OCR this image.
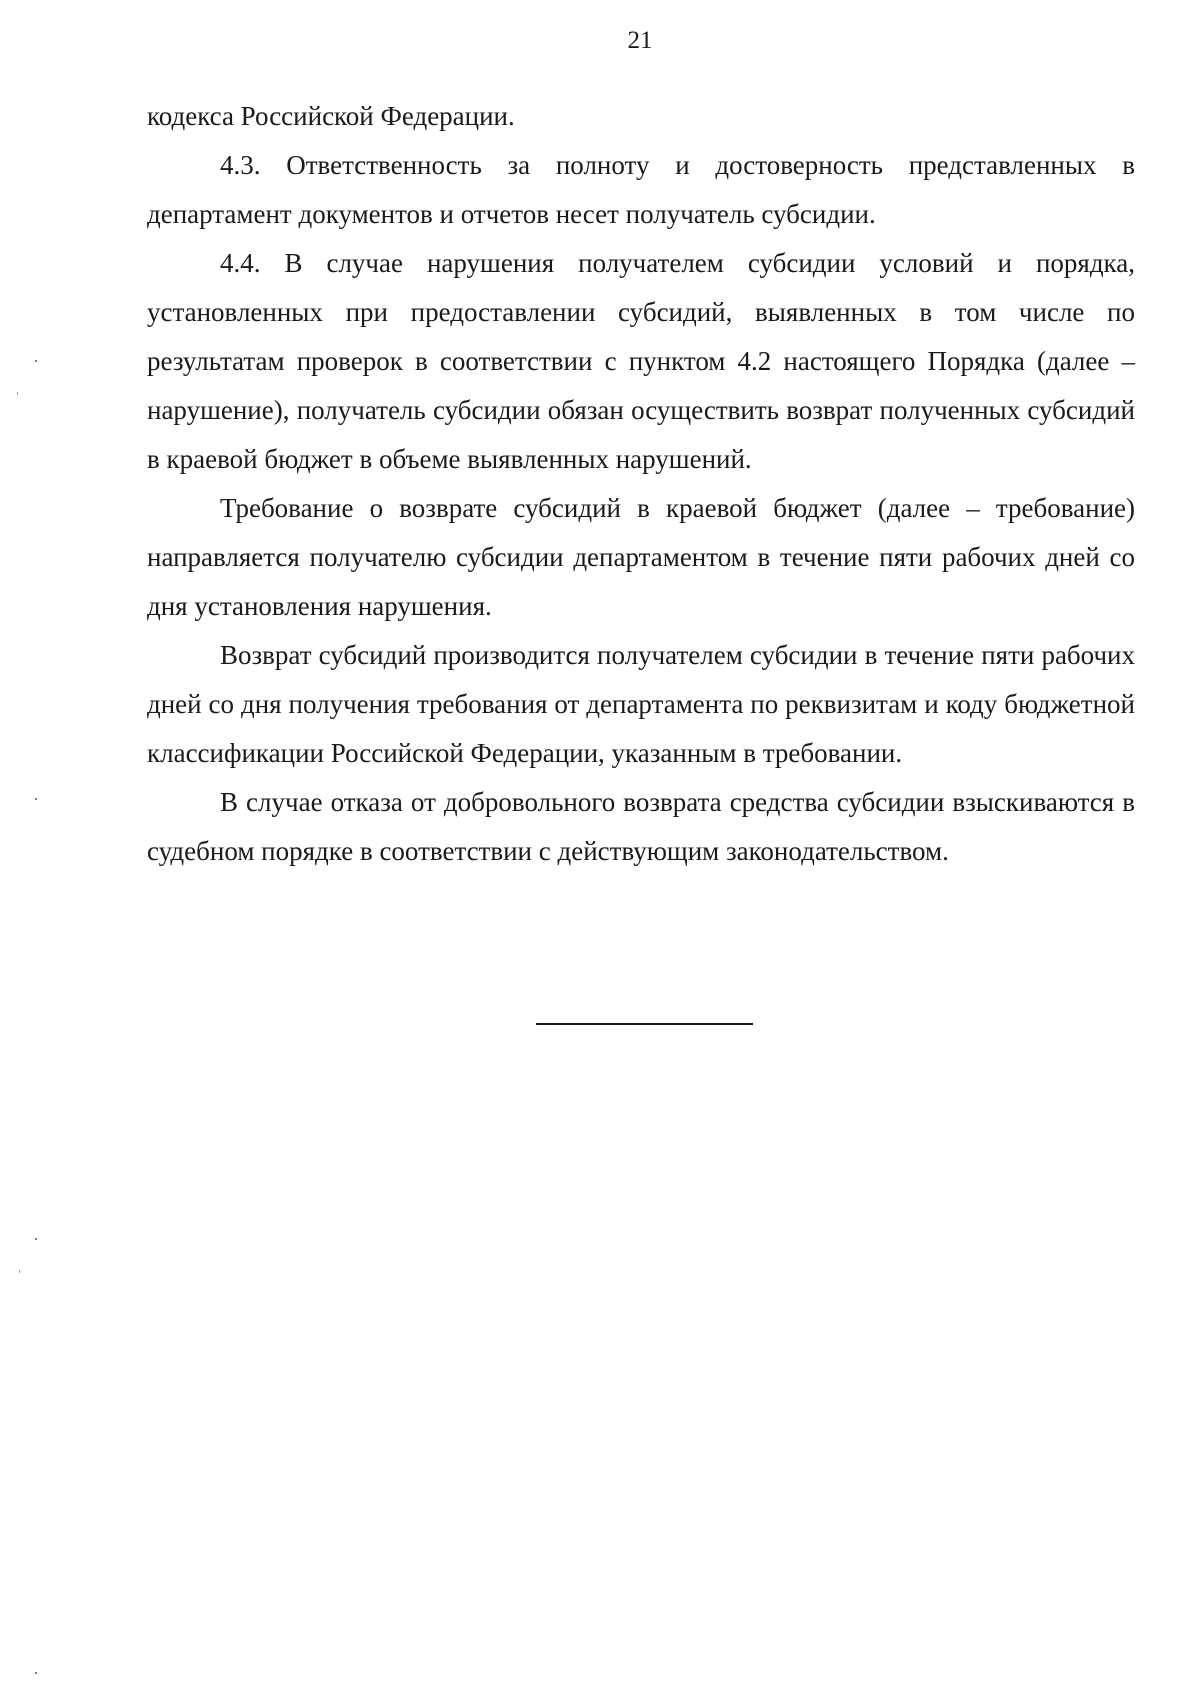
21

кодекса Российской Федерации.

4.3. Ответственность за полноту и достоверность представленных в департамент документов и отчетов несет получатель субсидии.

4.4. В случае нарушения получателем субсидии условий и порядка, установленных при предоставлении субсидий, выявленных в том числе по результатам проверок в соответствии с пунктом 4.2 настоящего Порядка (далее – нарушение), получатель субсидии обязан осуществить возврат полученных субсидий в краевой бюджет в объеме выявленных нарушений.

Требование о возврате субсидий в краевой бюджет (далее – требование) направляется получателю субсидии департаментом в течение пяти рабочих дней со дня установления нарушения.

Возврат субсидий производится получателем субсидии в течение пяти рабочих дней со дня получения требования от департамента по реквизитам и коду бюджетной классификации Российской Федерации, указанным в требовании.

В случае отказа от добровольного возврата средства субсидии взыскиваются в судебном порядке в соответствии с действующим законодательством.
